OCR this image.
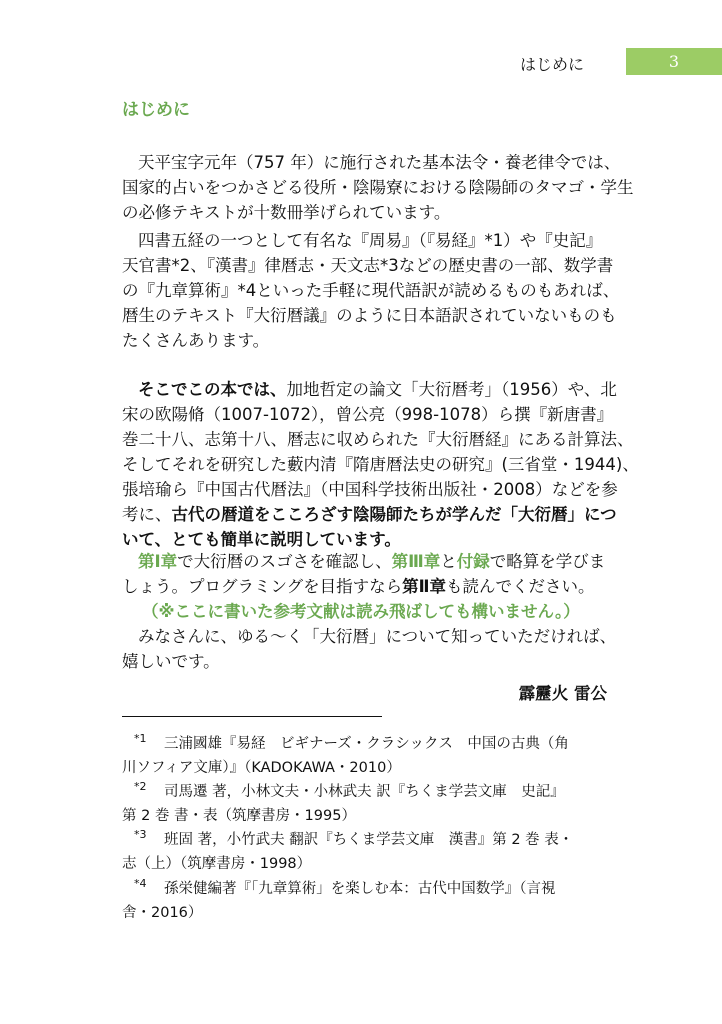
はじめに	3
はじめに
天平宝字元年（757 年）に施行された基本法令・養老律令では、
国家的占いをつかさどる役所・陰陽寮における陰陽師のタマゴ・学生
の必修テキストが十数冊挙げられています。
四書五経の一つとして有名な『周易』（『易経』*1）や『史記』
天官書*2、『漢書』律暦志・天文志*3などの歴史書の一部、数学書
の『九章算術』*4といった手軽に現代語訳が読めるものもあれば、
暦生のテキスト『大衍暦議』のように日本語訳されていないものも
たくさんあります。
そこでこの本では、加地哲定の論文「大衍暦考」（1956）や、北
宋の欧陽脩（1007-1072），曾公亮（998-1078）ら撰『新唐書』
巻二十八、志第十八、暦志に収められた『大衍暦経』にある計算法、
そしてそれを研究した藪内清『隋唐暦法史の研究』(三省堂・1944)、
張培瑜ら『中国古代暦法』（中国科学技術出版社・2008）などを参
考に、古代の暦道をこころざす陰陽師たちが学んだ「大衍暦」につ
いて、とても簡単に説明しています。
第Ⅰ章で大衍暦のスゴさを確認し、第Ⅲ章と付録で略算を学びま
しょう。プログラミングを目指すなら第Ⅱ章も読んでください。
（※ここに書いた参考文献は読み飛ばしても構いません。）
みなさんに、ゆる～く「大衍暦」について知っていただければ、
嬉しいです。
霹靂火 雷公
*1 三浦國雄『易経　ビギナーズ・クラシックス　中国の古典（角
川ソフィア文庫）』（KADOKAWA・2010）
*2 司馬遷 著，小林文夫・小林武夫 訳『ちくま学芸文庫　史記』
第 2 巻 書・表（筑摩書房・1995）
*3 班固 著，小竹武夫 翻訳『ちくま学芸文庫　漢書』第 2 巻 表・
志（上）（筑摩書房・1998）
*4 孫栄健編著『「九章算術」を楽しむ本：古代中国数学』（言視
舎・2016）
